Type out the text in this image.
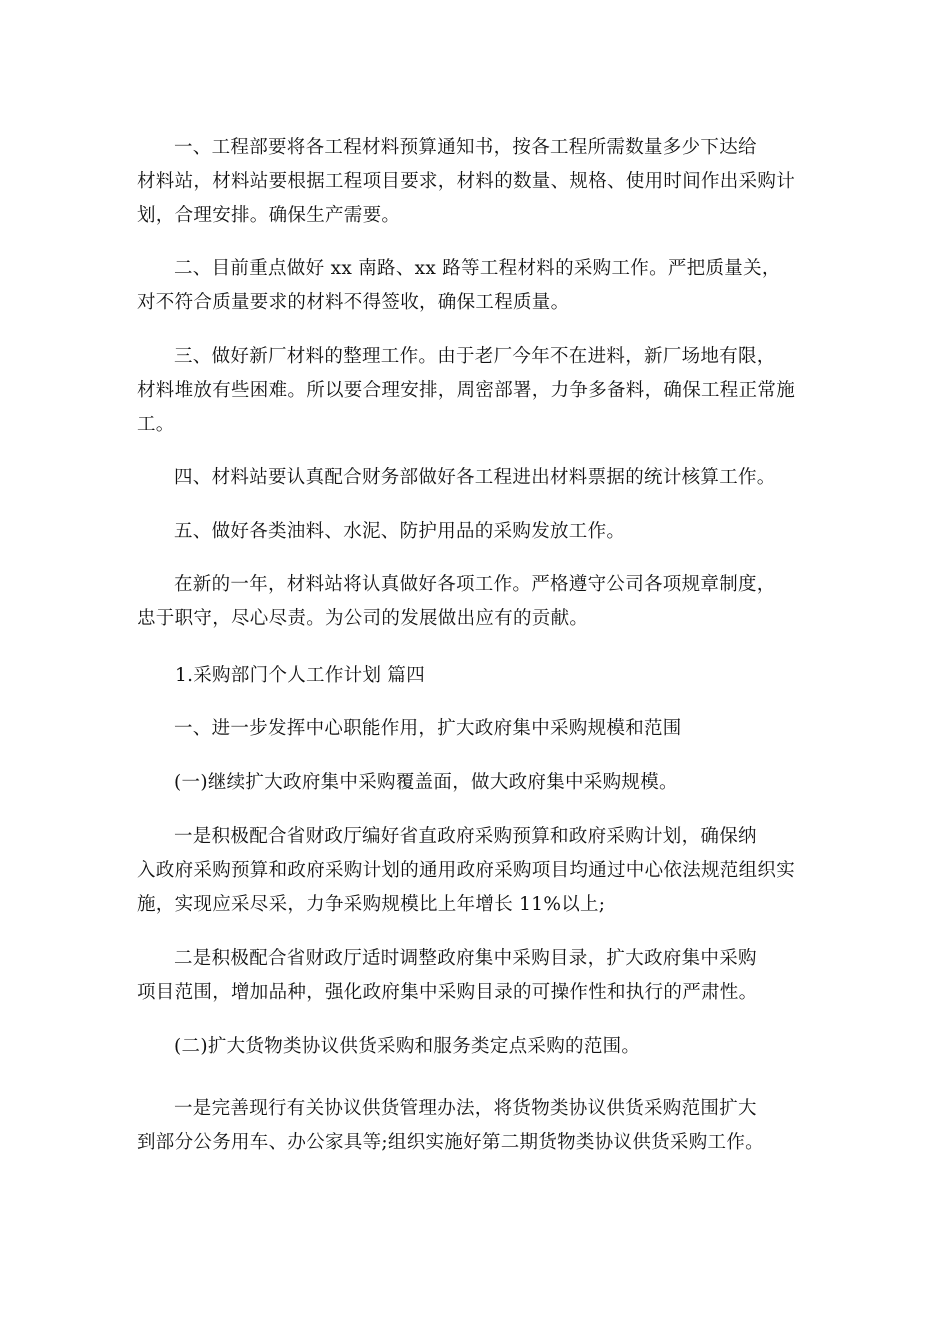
一、工程部要将各工程材料预算通知书，按各工程所需数量多少下达给
材料站，材料站要根据工程项目要求，材料的数量、规格、使用时间作出采购计
划，合理安排。确保生产需要。

二、目前重点做好 xx 南路、xx 路等工程材料的采购工作。严把质量关，
对不符合质量要求的材料不得签收，确保工程质量。

三、做好新厂材料的整理工作。由于老厂今年不在进料，新厂场地有限，
材料堆放有些困难。所以要合理安排，周密部署，力争多备料，确保工程正常施
工。

四、材料站要认真配合财务部做好各工程进出材料票据的统计核算工作。

五、做好各类油料、水泥、防护用品的采购发放工作。

在新的一年，材料站将认真做好各项工作。严格遵守公司各项规章制度，
忠于职守，尽心尽责。为公司的发展做出应有的贡献。

1.采购部门个人工作计划 篇四

一、进一步发挥中心职能作用，扩大政府集中采购规模和范围

(一)继续扩大政府集中采购覆盖面，做大政府集中采购规模。

一是积极配合省财政厅编好省直政府采购预算和政府采购计划，确保纳
入政府采购预算和政府采购计划的通用政府采购项目均通过中心依法规范组织实
施，实现应采尽采，力争采购规模比上年增长 11%以上;

二是积极配合省财政厅适时调整政府集中采购目录，扩大政府集中采购
项目范围，增加品种，强化政府集中采购目录的可操作性和执行的严肃性。

(二)扩大货物类协议供货采购和服务类定点采购的范围。

一是完善现行有关协议供货管理办法，将货物类协议供货采购范围扩大
到部分公务用车、办公家具等;组织实施好第二期货物类协议供货采购工作。
